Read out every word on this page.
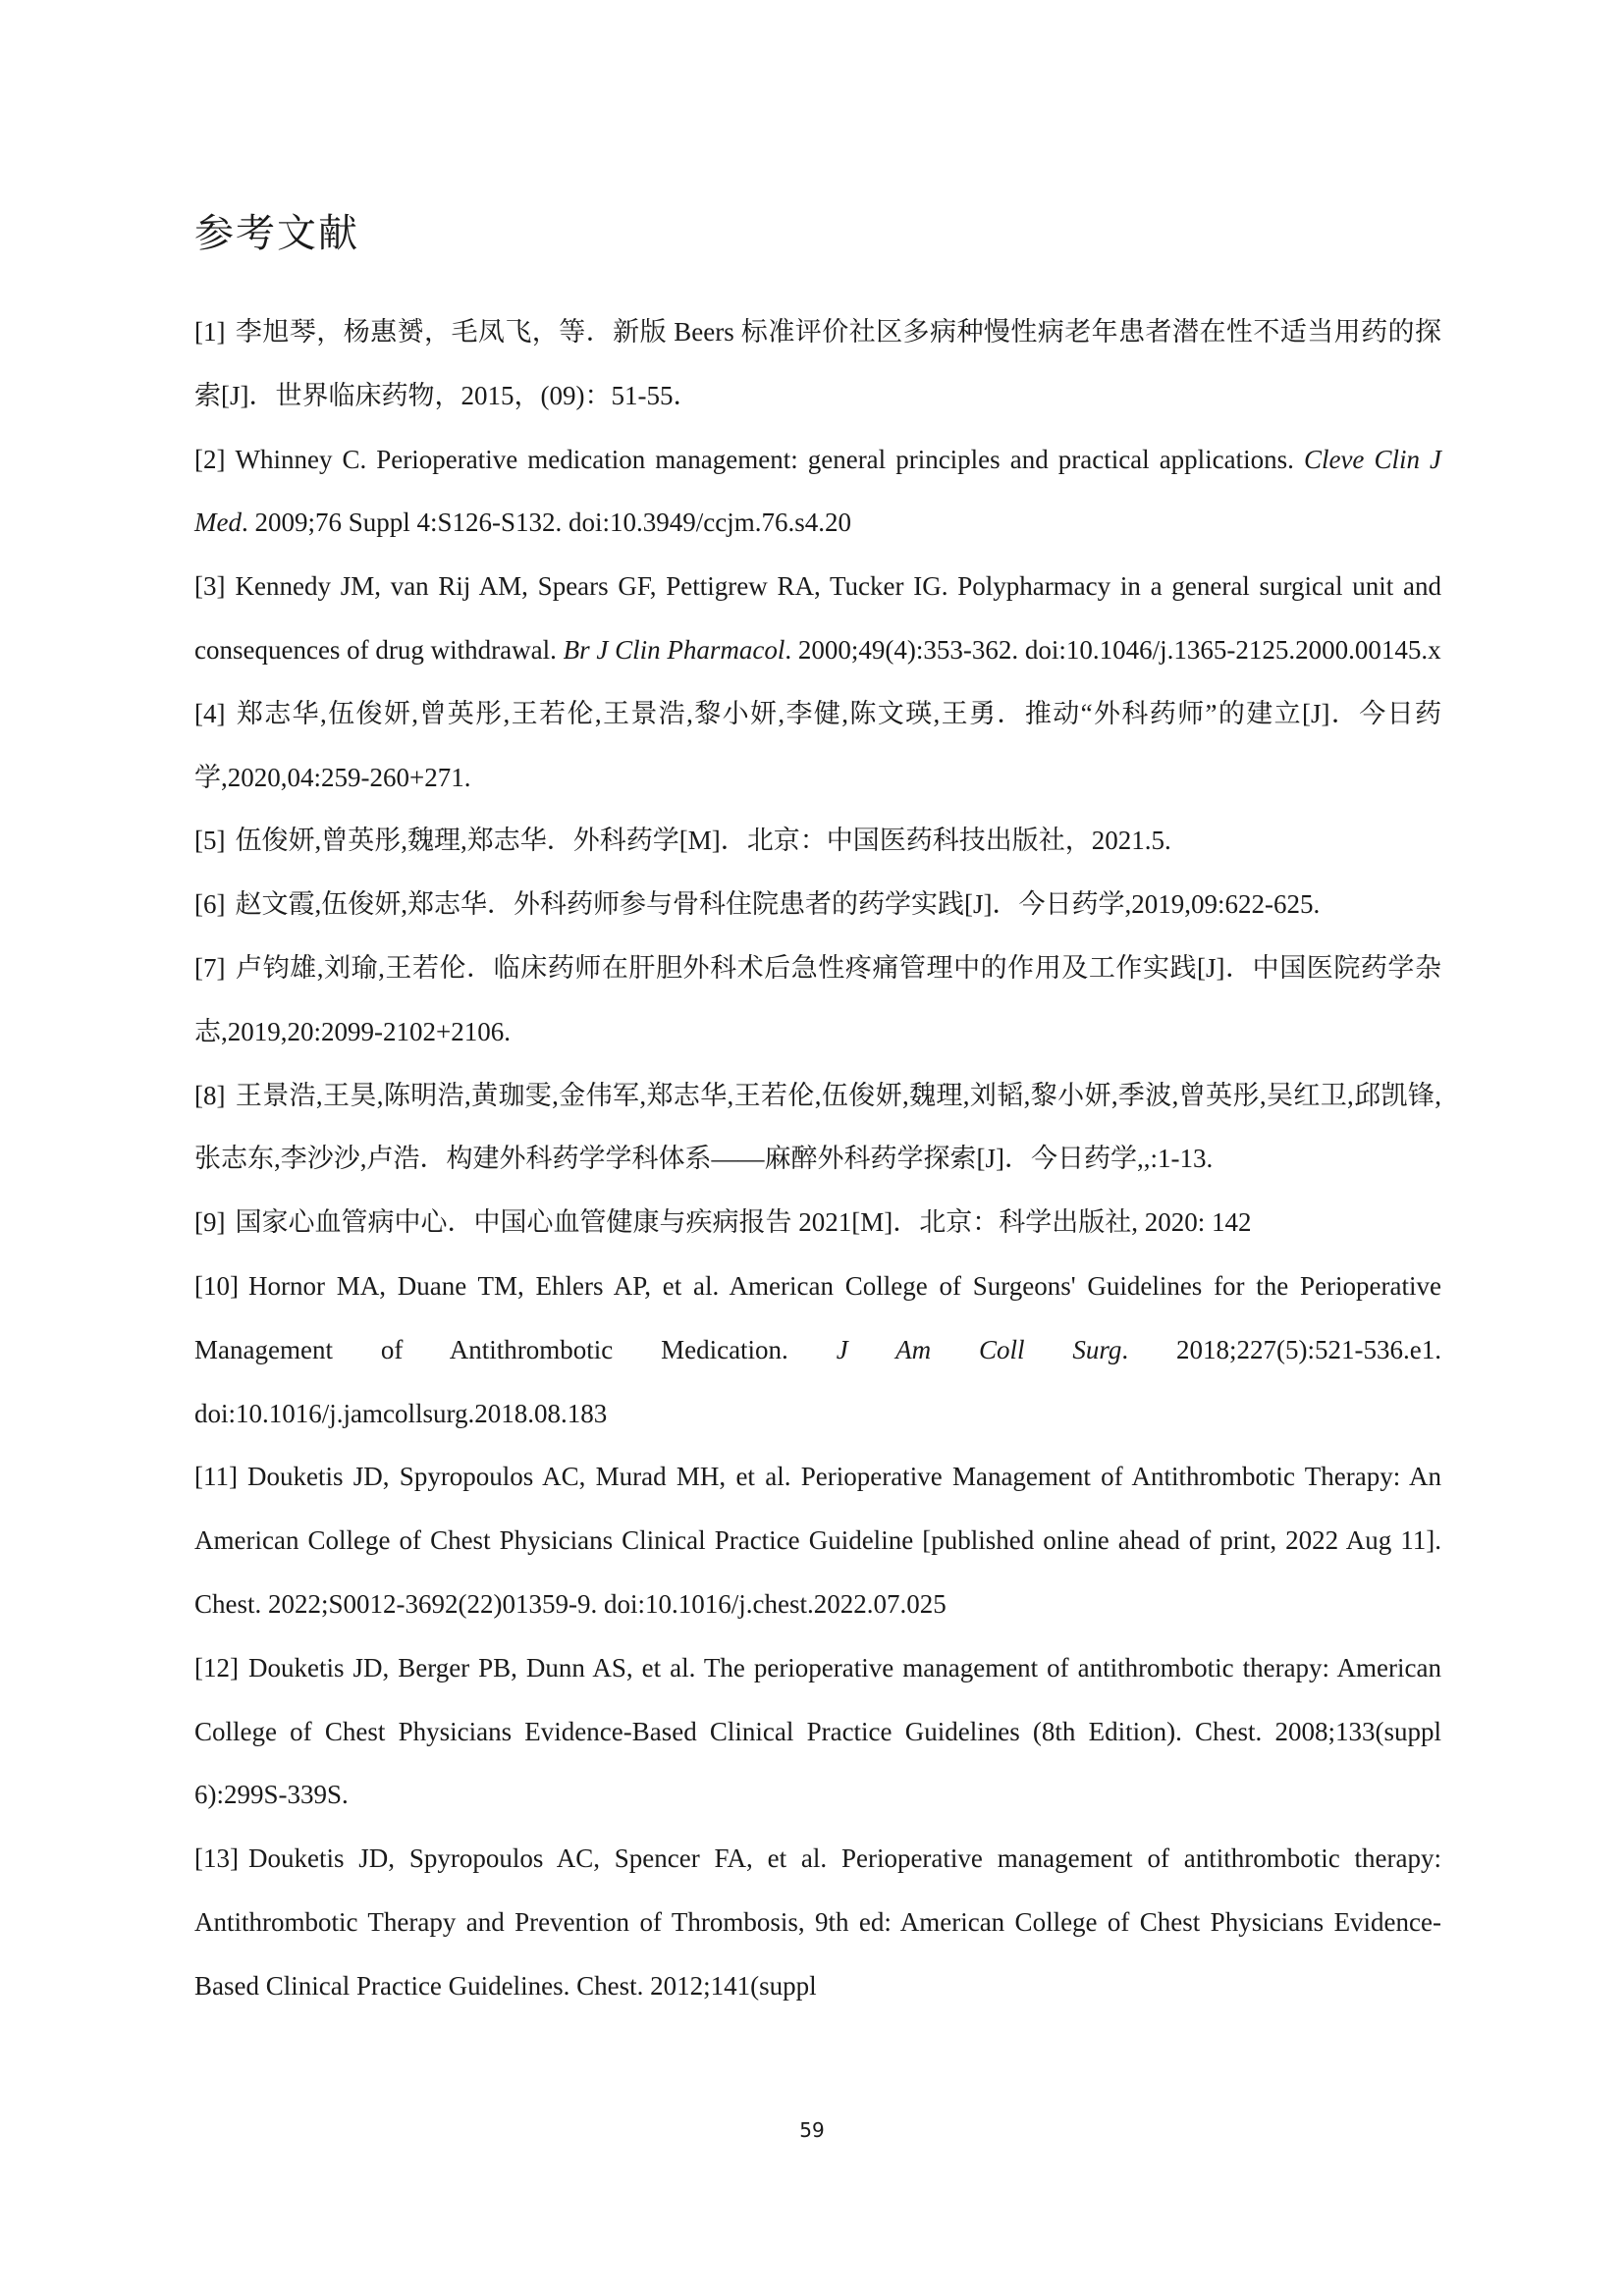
参考文献
[1] 李旭琴，杨惠赟，毛凤飞，等．新版 Beers 标准评价社区多病种慢性病老年患者潜在性不适当用药的探索[J]．世界临床药物，2015，(09)：51-55．
[2] Whinney C. Perioperative medication management: general principles and practical applications. Cleve Clin J Med. 2009;76 Suppl 4:S126-S132. doi:10.3949/ccjm.76.s4.20
[3] Kennedy JM, van Rij AM, Spears GF, Pettigrew RA, Tucker IG. Polypharmacy in a general surgical unit and consequences of drug withdrawal. Br J Clin Pharmacol. 2000;49(4):353-362. doi:10.1046/j.1365-2125.2000.00145.x
[4] 郑志华,伍俊妍,曾英彤,王若伦,王景浩,黎小妍,李健,陈文瑛,王勇．推动“外科药师”的建立[J]．今日药学,2020,04:259-260+271.
[5] 伍俊妍,曾英彤,魏理,郑志华．外科药学[M]．北京：中国医药科技出版社，2021.5.
[6] 赵文霞,伍俊妍,郑志华．外科药师参与骨科住院患者的药学实践[J]．今日药学,2019,09:622-625.
[7] 卢钧雄,刘瑜,王若伦．临床药师在肝胆外科术后急性疼痛管理中的作用及工作实践[J]．中国医院药学杂志,2019,20:2099-2102+2106.
[8] 王景浩,王昊,陈明浩,黄珈雯,金伟军,郑志华,王若伦,伍俊妍,魏理,刘韬,黎小妍,季波,曾英彤,吴红卫,邱凯锋,张志东,李沙沙,卢浩．构建外科药学学科体系——麻醉外科药学探索[J]．今日药学,,:1-13.
[9] 国家心血管病中心．中国心血管健康与疾病报告 2021[M]．北京：科学出版社, 2020: 142
[10] Hornor MA, Duane TM, Ehlers AP, et al. American College of Surgeons' Guidelines for the Perioperative Management of Antithrombotic Medication. J Am Coll Surg. 2018;227(5):521-536.e1. doi:10.1016/j.jamcollsurg.2018.08.183
[11] Douketis JD, Spyropoulos AC, Murad MH, et al. Perioperative Management of Antithrombotic Therapy: An American College of Chest Physicians Clinical Practice Guideline [published online ahead of print, 2022 Aug 11]. Chest. 2022;S0012-3692(22)01359-9. doi:10.1016/j.chest.2022.07.025
[12] Douketis JD, Berger PB, Dunn AS, et al. The perioperative management of antithrombotic therapy: American College of Chest Physicians Evidence-Based Clinical Practice Guidelines (8th Edition). Chest. 2008;133(suppl 6):299S-339S.
[13] Douketis JD, Spyropoulos AC, Spencer FA, et al. Perioperative management of antithrombotic therapy: Antithrombotic Therapy and Prevention of Thrombosis, 9th ed: American College of Chest Physicians Evidence-Based Clinical Practice Guidelines. Chest. 2012;141(suppl
59
